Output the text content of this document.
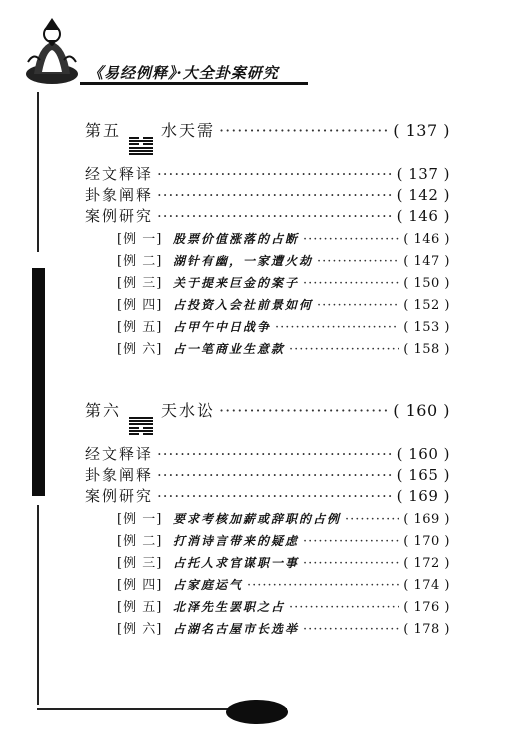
《易经例释》·大全卦案研究
第五	水天需 ·····	( 137 )
经文释译 ·····	( 137 )
卦象阐释 ·····	( 142 )
案例研究 ·····	( 146 )
[例 一] 股票价值涨落的占断 ·····	( 146 )
[例 二] 湖针有幽，一家遭火劫 ·····	( 147 )
[例 三] 关于提来巨金的案子 ·····	( 150 )
[例 四] 占投资入会社前景如何 ·····	( 152 )
[例 五] 占甲午中日战争 ·····	( 153 )
[例 六] 占一笔商业生意款 ·····	( 158 )
第六	天水讼 ·····	( 160 )
经文释译 ·····	( 160 )
卦象阐释 ·····	( 165 )
案例研究 ·····	( 169 )
[例 一] 要求考核加薪或辞职的占例 ·····	( 169 )
[例 二] 打消诗言带来的疑虑 ·····	( 170 )
[例 三] 占托人求官谋职一事 ·····	( 172 )
[例 四] 占家庭运气 ·····	( 174 )
[例 五] 北泽先生罢职之占 ·····	( 176 )
[例 六] 占湖名古屋市长选举 ·····	( 178 )
